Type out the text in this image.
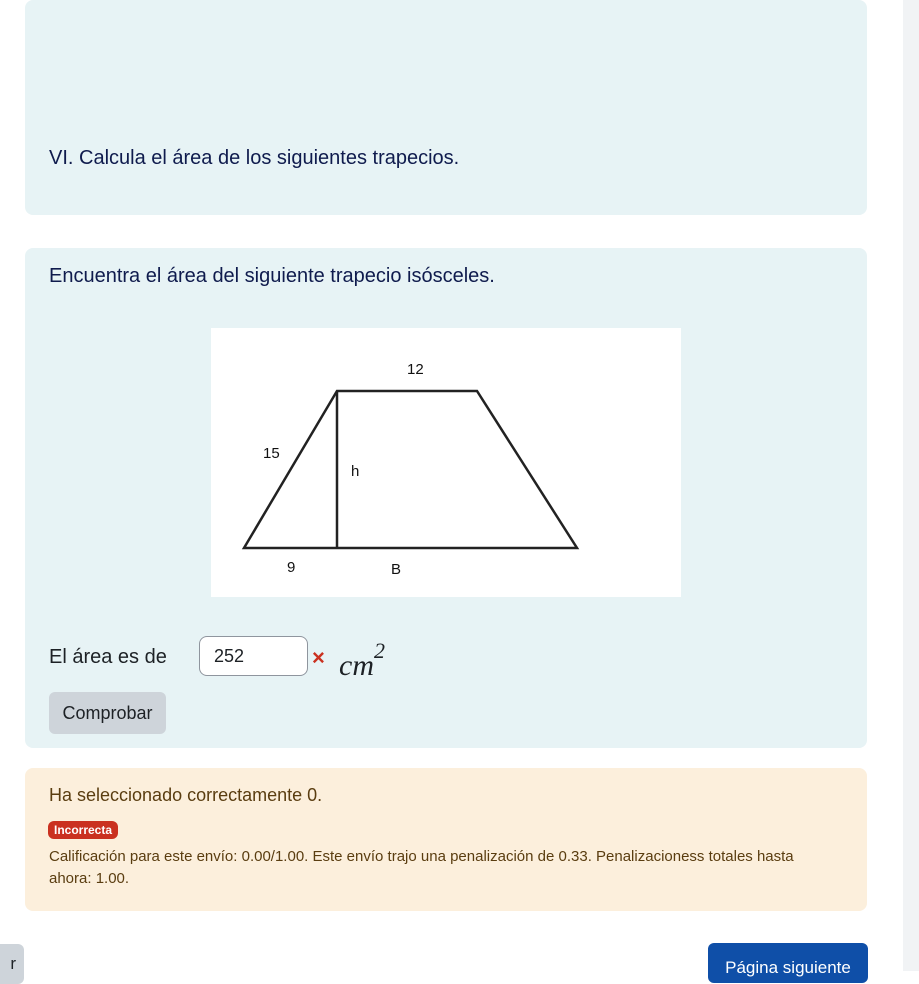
VI. Calcula el área de los siguientes trapecios.
Encuentra el área del siguiente trapecio isósceles.
12
15
h
9	B
El área es de
252	× $cm^2$
Comprobar
Ha seleccionado correctamente 0.
Incorrecta
Calificación para este envío: 0.00/1.00. Este envío trajo una penalización de 0.33. Penalizacioness totales hasta ahora: 1.00.
r	Página siguiente
